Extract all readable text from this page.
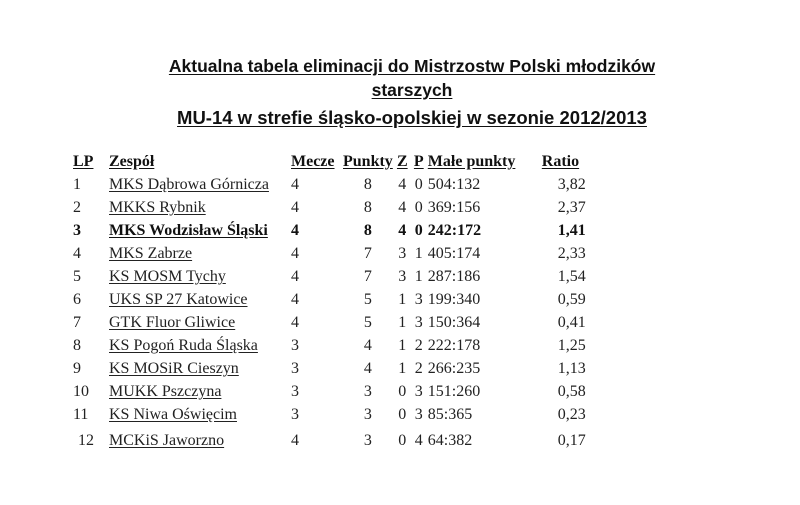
Aktualna tabela eliminacji do Mistrzostw Polski młodzików
starszych
MU-14 w strefie śląsko-opolskiej w sezonie 2012/2013
LP	Zespół	Mecze	Punkty	Z	P	Małe punkty	Ratio
1	MKS Dąbrowa Górnicza	4	8	4	0	504:132	3,82
2	MKKS Rybnik	4	8	4	0	369:156	2,37
3	MKS Wodzisław Śląski	4	8	4	0	242:172	1,41
4	MKS Zabrze	4	7	3	1	405:174	2,33
5	KS MOSM Tychy	4	7	3	1	287:186	1,54
6	UKS SP 27 Katowice	4	5	1	3	199:340	0,59
7	GTK Fluor Gliwice	4	5	1	3	150:364	0,41
8	KS Pogoń Ruda Śląska	3	4	1	2	222:178	1,25
9	KS MOSiR Cieszyn	3	4	1	2	266:235	1,13
10	MUKK Pszczyna	3	3	0	3	151:260	0,58
11	KS Niwa Oświęcim	3	3	0	3	85:365	0,23
12	MCKiS Jaworzno	4	3	0	4	64:382	0,17
